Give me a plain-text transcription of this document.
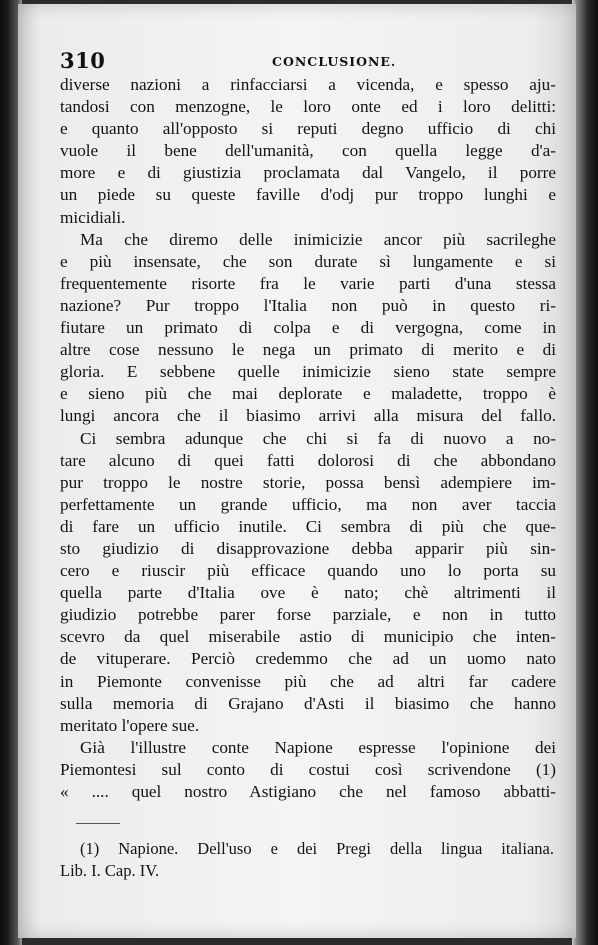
310	CONCLUSIONE.
diverse nazioni a rinfacciarsi a vicenda, e spesso aju-
tandosi con menzogne, le loro onte ed i loro delitti:
e quanto all'opposto si reputi degno ufficio di chi
vuole il bene dell'umanità, con quella legge d'a-
more e di giustizia proclamata dal Vangelo, il porre
un piede su queste faville d'odj pur troppo lunghi e
micidiali.
Ma che diremo delle inimicizie ancor più sacrileghe
e più insensate, che son durate sì lungamente e si
frequentemente risorte fra le varie parti d'una stessa
nazione? Pur troppo l'Italia non può in questo ri-
fiutare un primato di colpa e di vergogna, come in
altre cose nessuno le nega un primato di merito e di
gloria. E sebbene quelle inimicizie sieno state sempre
e sieno più che mai deplorate e maladette, troppo è
lungi ancora che il biasimo arrivi alla misura del fallo.
Ci sembra adunque che chi si fa di nuovo a no-
tare alcuno di quei fatti dolorosi di che abbondano
pur troppo le nostre storie, possa bensì adempiere im-
perfettamente un grande ufficio, ma non aver taccia
di fare un ufficio inutile. Ci sembra di più che que-
sto giudizio di disapprovazione debba apparir più sin-
cero e riuscir più efficace quando uno lo porta su
quella parte d'Italia ove è nato; chè altrimenti il
giudizio potrebbe parer forse parziale, e non in tutto
scevro da quel miserabile astio di municipio che inten-
de vituperare. Perciò credemmo che ad un uomo nato
in Piemonte convenisse più che ad altri far cadere
sulla memoria di Grajano d'Asti il biasimo che hanno
meritato l'opere sue.
Già l'illustre conte Napione espresse l'opinione dei
Piemontesi sul conto di costui così scrivendone (1)
« .... quel nostro Astigiano che nel famoso abbatti-
(1) Napione. Dell'uso e dei Pregi della lingua italiana.
Lib. I. Cap. IV.
